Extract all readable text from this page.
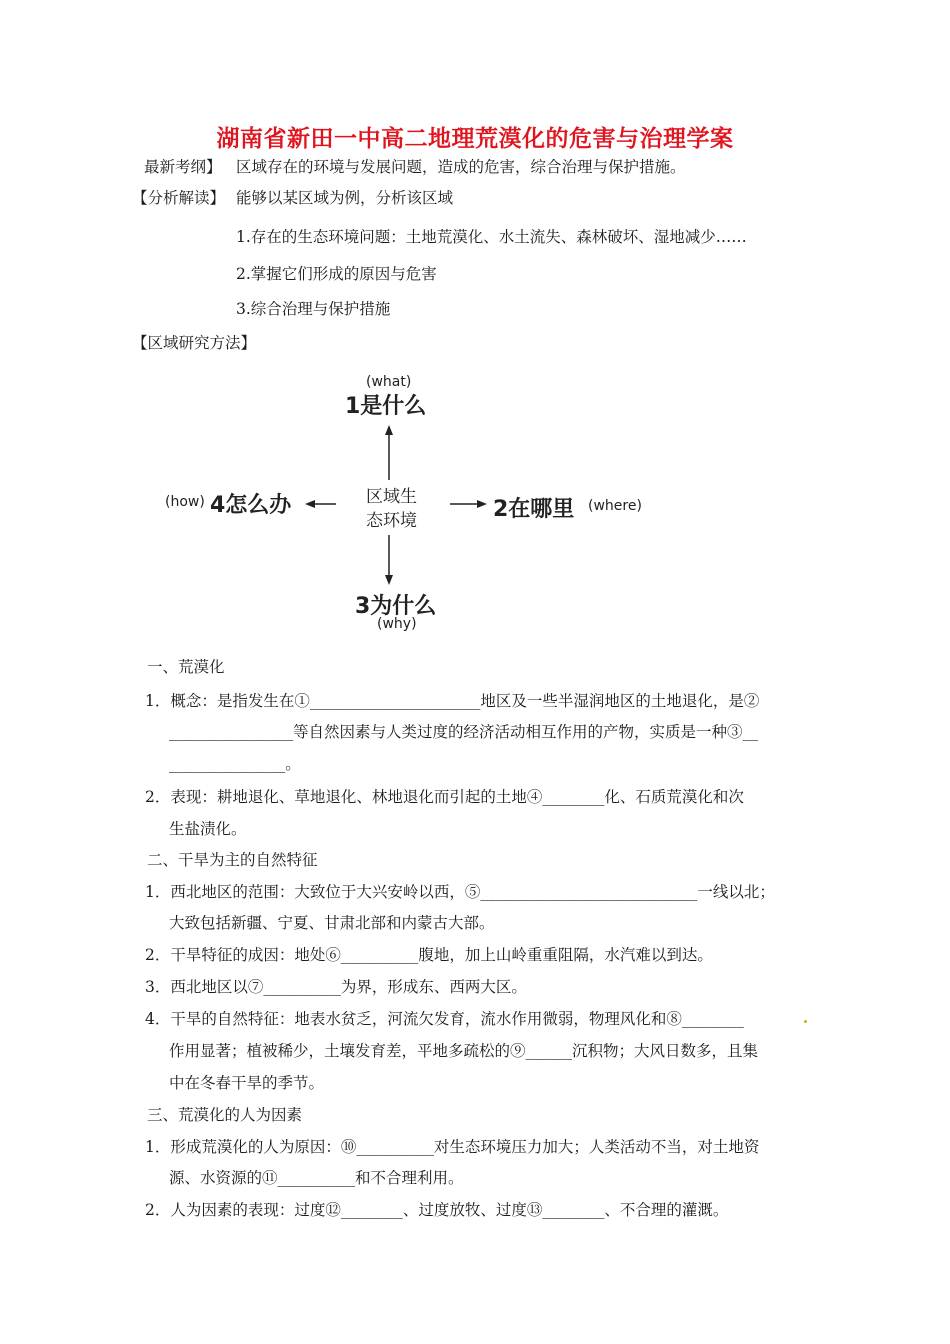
湖南省新田一中高二地理荒漠化的危害与治理学案
最新考纲】 区域存在的环境与发展问题，造成的危害，综合治理与保护措施。
【分析解读】 能够以某区域为例，分析该区域
1.存在的生态环境问题：土地荒漠化、水土流失、森林破坏、湿地减少……
2.掌握它们形成的原因与危害
3.综合治理与保护措施
【区域研究方法】
(what)
1是什么
区域生
态环境	2在哪里 (where)
(how) 4怎么办
3为什么
(why)
一、荒漠化
1．概念：是指发生在①______________________地区及一些半湿润地区的土地退化，是②
________________等自然因素与人类过度的经济活动相互作用的产物，实质是一种③__
_______________。
2．表现：耕地退化、草地退化、林地退化而引起的土地④________化、石质荒漠化和次
生盐渍化。
二、干旱为主的自然特征
1．西北地区的范围：大致位于大兴安岭以西，⑤____________________________一线以北；
大致包括新疆、宁夏、甘肃北部和内蒙古大部。
2．干旱特征的成因：地处⑥__________腹地，加上山岭重重阻隔，水汽难以到达。
3．西北地区以⑦__________为界，形成东、西两大区。
4．干旱的自然特征：地表水贫乏，河流欠发育，流水作用微弱，物理风化和⑧________
作用显著；植被稀少，土壤发育差，平地多疏松的⑨______沉积物；大风日数多，且集
中在冬春干旱的季节。
三、荒漠化的人为因素
1．形成荒漠化的人为原因：⑩__________对生态环境压力加大；人类活动不当，对土地资
源、水资源的⑪__________和不合理利用。
2．人为因素的表现：过度⑫________、过度放牧、过度⑬________、不合理的灌溉。
